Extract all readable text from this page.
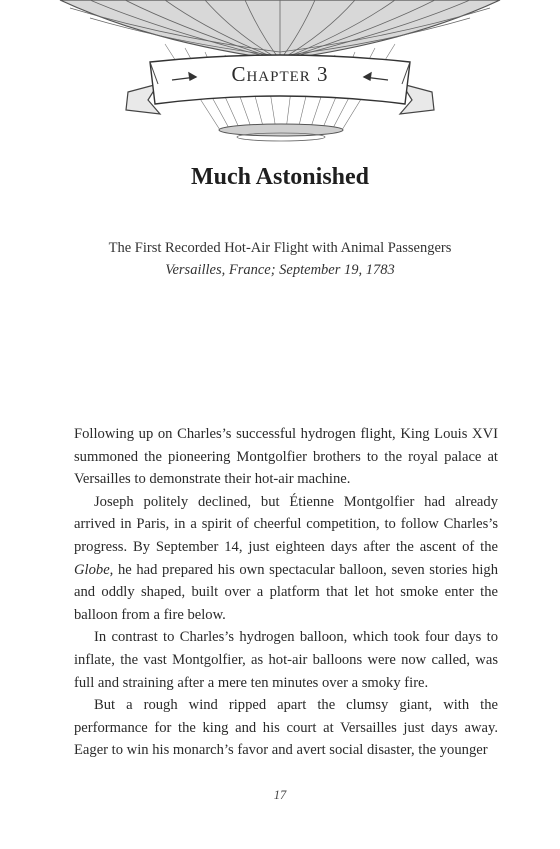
Chapter 3
Much Astonished
The First Recorded Hot-Air Flight with Animal Passengers
Versailles, France; September 19, 1783

Following up on Charles’s successful hydrogen flight, King Louis XVI summoned the pioneering Montgolfier brothers to the royal palace at Versailles to demonstrate their hot-air machine.

Joseph politely declined, but Étienne Montgolfier had already arrived in Paris, in a spirit of cheerful competition, to follow Charles’s progress. By September 14, just eighteen days after the ascent of the Globe, he had prepared his own spectacular balloon, seven stories high and oddly shaped, built over a platform that let hot smoke enter the balloon from a fire below.

In contrast to Charles’s hydrogen balloon, which took four days to inflate, the vast Montgolfier, as hot-air balloons were now called, was full and straining after a mere ten minutes over a smoky fire.

But a rough wind ripped apart the clumsy giant, with the performance for the king and his court at Versailles just days away. Eager to win his monarch’s favor and avert social disaster, the younger

17
